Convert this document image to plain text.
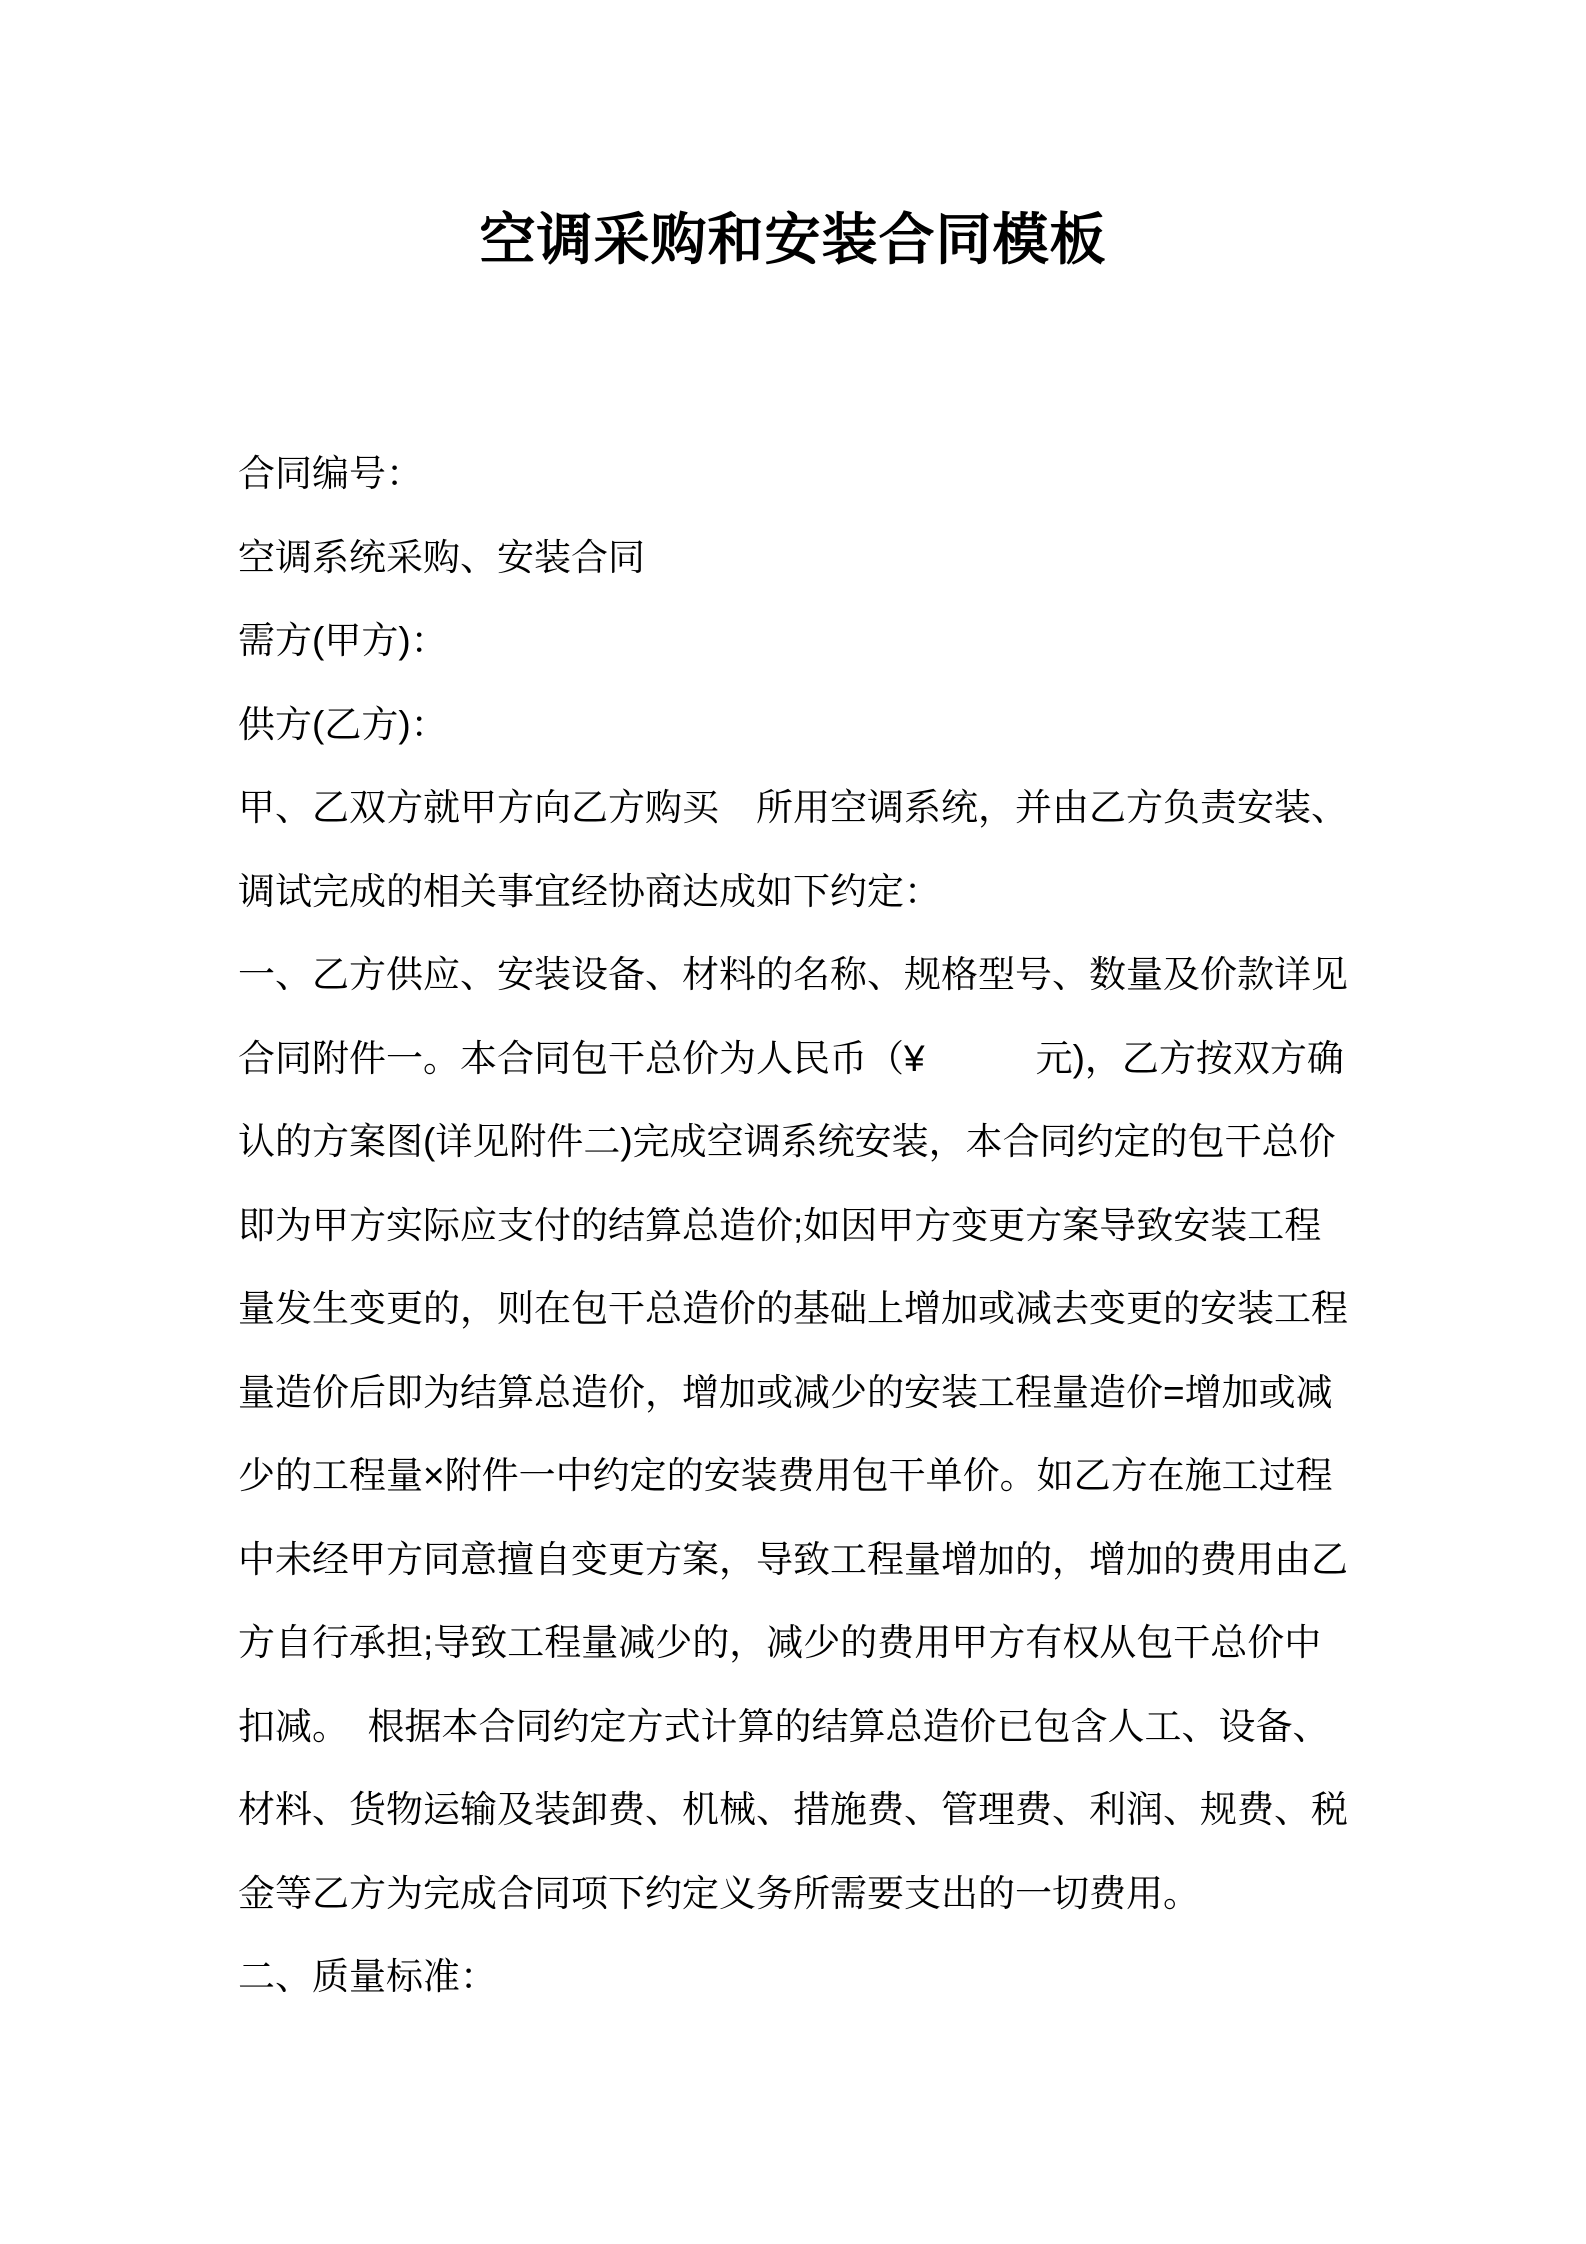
空调采购和安装合同模板
合同编号：
空调系统采购、安装合同
需方(甲方)：
供方(乙方)：
甲、乙双方就甲方向乙方购买　所用空调系统，并由乙方负责安装、
调试完成的相关事宜经协商达成如下约定：
一、乙方供应、安装设备、材料的名称、规格型号、数量及价款详见
合同附件一。本合同包干总价为人民币（¥　　　元)，乙方按双方确
认的方案图(详见附件二)完成空调系统安装，本合同约定的包干总价
即为甲方实际应支付的结算总造价;如因甲方变更方案导致安装工程
量发生变更的，则在包干总造价的基础上增加或减去变更的安装工程
量造价后即为结算总造价，增加或减少的安装工程量造价=增加或减
少的工程量×附件一中约定的安装费用包干单价。如乙方在施工过程
中未经甲方同意擅自变更方案，导致工程量增加的，增加的费用由乙
方自行承担;导致工程量减少的，减少的费用甲方有权从包干总价中
扣减。　根据本合同约定方式计算的结算总造价已包含人工、设备、
材料、货物运输及装卸费、机械、措施费、管理费、利润、规费、税
金等乙方为完成合同项下约定义务所需要支出的一切费用。
二、质量标准：
